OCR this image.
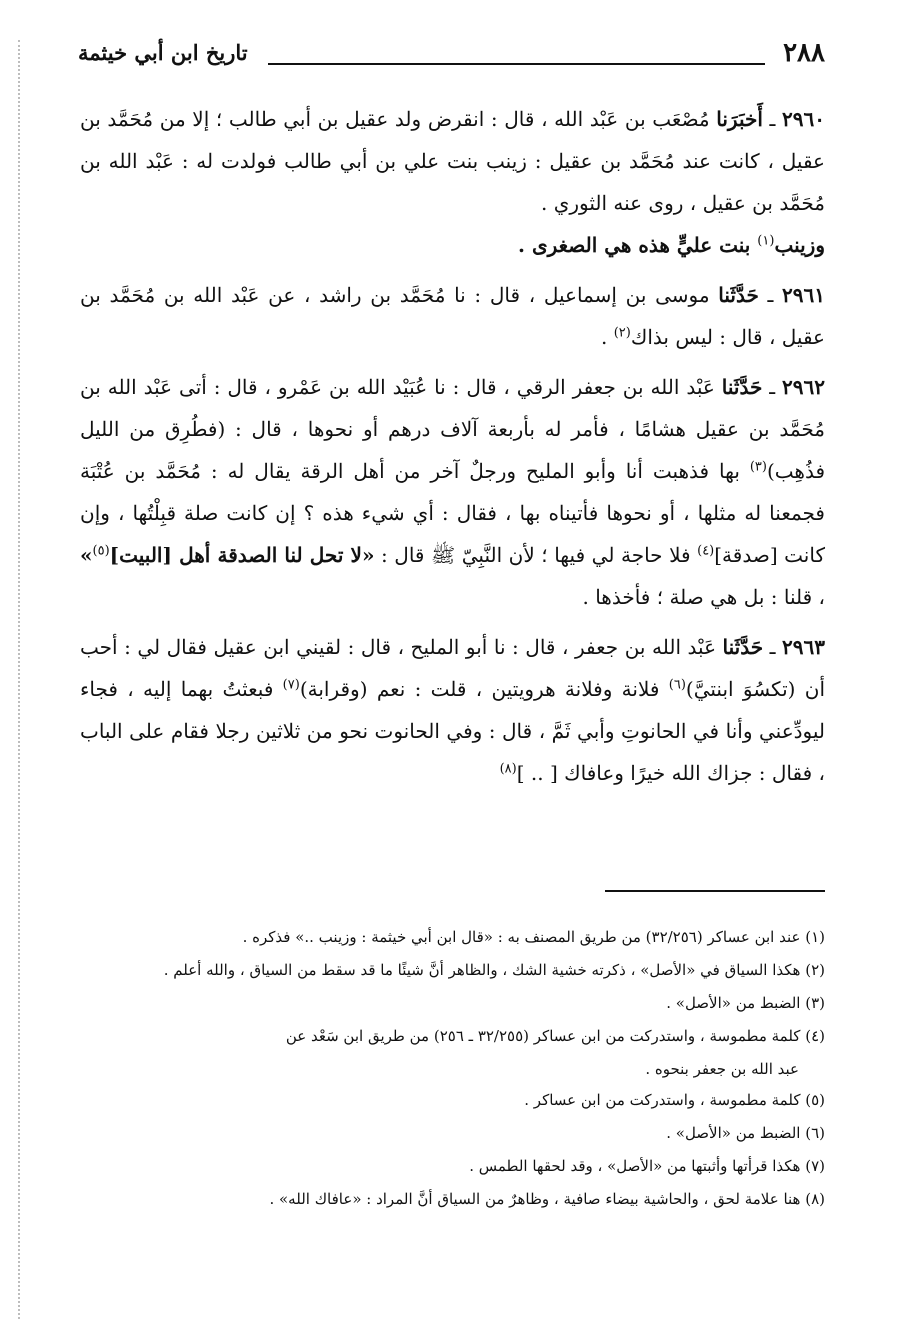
٢٨٨
تاريخ ابن أبي خيثمة

٢٩٦٠ ـ أَخبَرَنا مُصْعَب بن عَبْد الله ، قال : انقرض ولد عقيل بن أبي طالب ؛ إلا من مُحَمَّد بن عقيل ، كانت عند مُحَمَّد بن عقيل : زينب بنت علي بن أبي طالب فولدت له : عَبْد الله بن مُحَمَّد بن عقيل ، روى عنه الثوري .

وزينب$^{(١)}$ بنت عليٍّ هذه هي الصغرى .

٢٩٦١ ـ حَدَّثَنا موسى بن إسماعيل ، قال : نا مُحَمَّد بن راشد ، عن عَبْد الله بن مُحَمَّد بن عقيل ، قال : ليس بذاك$^{(٢)}$ .

٢٩٦٢ ـ حَدَّثَنا عَبْد الله بن جعفر الرقي ، قال : نا عُبَيْد الله بن عَمْرو ، قال : أتى عَبْد الله بن مُحَمَّد بن عقيل هشامًا ، فأمر له بأربعة آلاف درهم أو نحوها ، قال : (فطُرِق من الليل فذُهِب)$^{(٣)}$ بها فذهبت أنا وأبو المليح ورجلٌ آخر من أهل الرقة يقال له : مُحَمَّد بن عُتْبَة فجمعنا له مثلها ، أو نحوها فأتيناه بها ، فقال : أي شيء هذه ؟ إن كانت صلة قبِلْتُها ، وإن كانت [صدقة]$^{(٤)}$ فلا حاجة لي فيها ؛ لأن النَّبِيّ ﷺ قال : «لا تحل لنا الصدقة أهل [البيت]$^{(٥)}$» ، قلنا : بل هي صلة ؛ فأخذها .

٢٩٦٣ ـ حَدَّثَنا عَبْد الله بن جعفر ، قال : نا أبو المليح ، قال : لقيني ابن عقيل فقال لي : أحب أن (تكسُوَ ابنتيَّ)$^{(٦)}$ فلانة وفلانة هرويتين ، قلت : نعم (وقرابة)$^{(٧)}$ فبعثتُ بهما إليه ، فجاء ليودِّعني وأنا في الحانوتِ وأبي ثَمَّ ، قال : وفي الحانوت نحو من ثلاثين رجلا فقام على الباب ، فقال : جزاك الله خيرًا وعافاك [ .. ]$^{(٨)}$

(١) عند ابن عساكر (٣٢/٢٥٦) من طريق المصنف به : «قال ابن أبي خيثمة : وزينب ..» فذكره .

(٢) هكذا السياق في «الأصل» ، ذكرته خشية الشك ، والظاهر أنَّ شيئًا ما قد سقط من السياق ، والله أعلم .

(٣) الضبط من «الأصل» .

(٤) كلمة مطموسة ، واستدركت من ابن عساكر (٣٢/٢٥٥ ـ ٢٥٦) من طريق ابن سَعْد عن

عبد الله بن جعفر بنحوه .

(٥) كلمة مطموسة ، واستدركت من ابن عساكر .

(٦) الضبط من «الأصل» .

(٧) هكذا قرأتها وأثبتها من «الأصل» ، وقد لحقها الطمس .

(٨) هنا علامة لحق ، والحاشية بيضاء صافية ، وظاهرٌ من السياق أنَّ المراد : «عافاك الله» .
